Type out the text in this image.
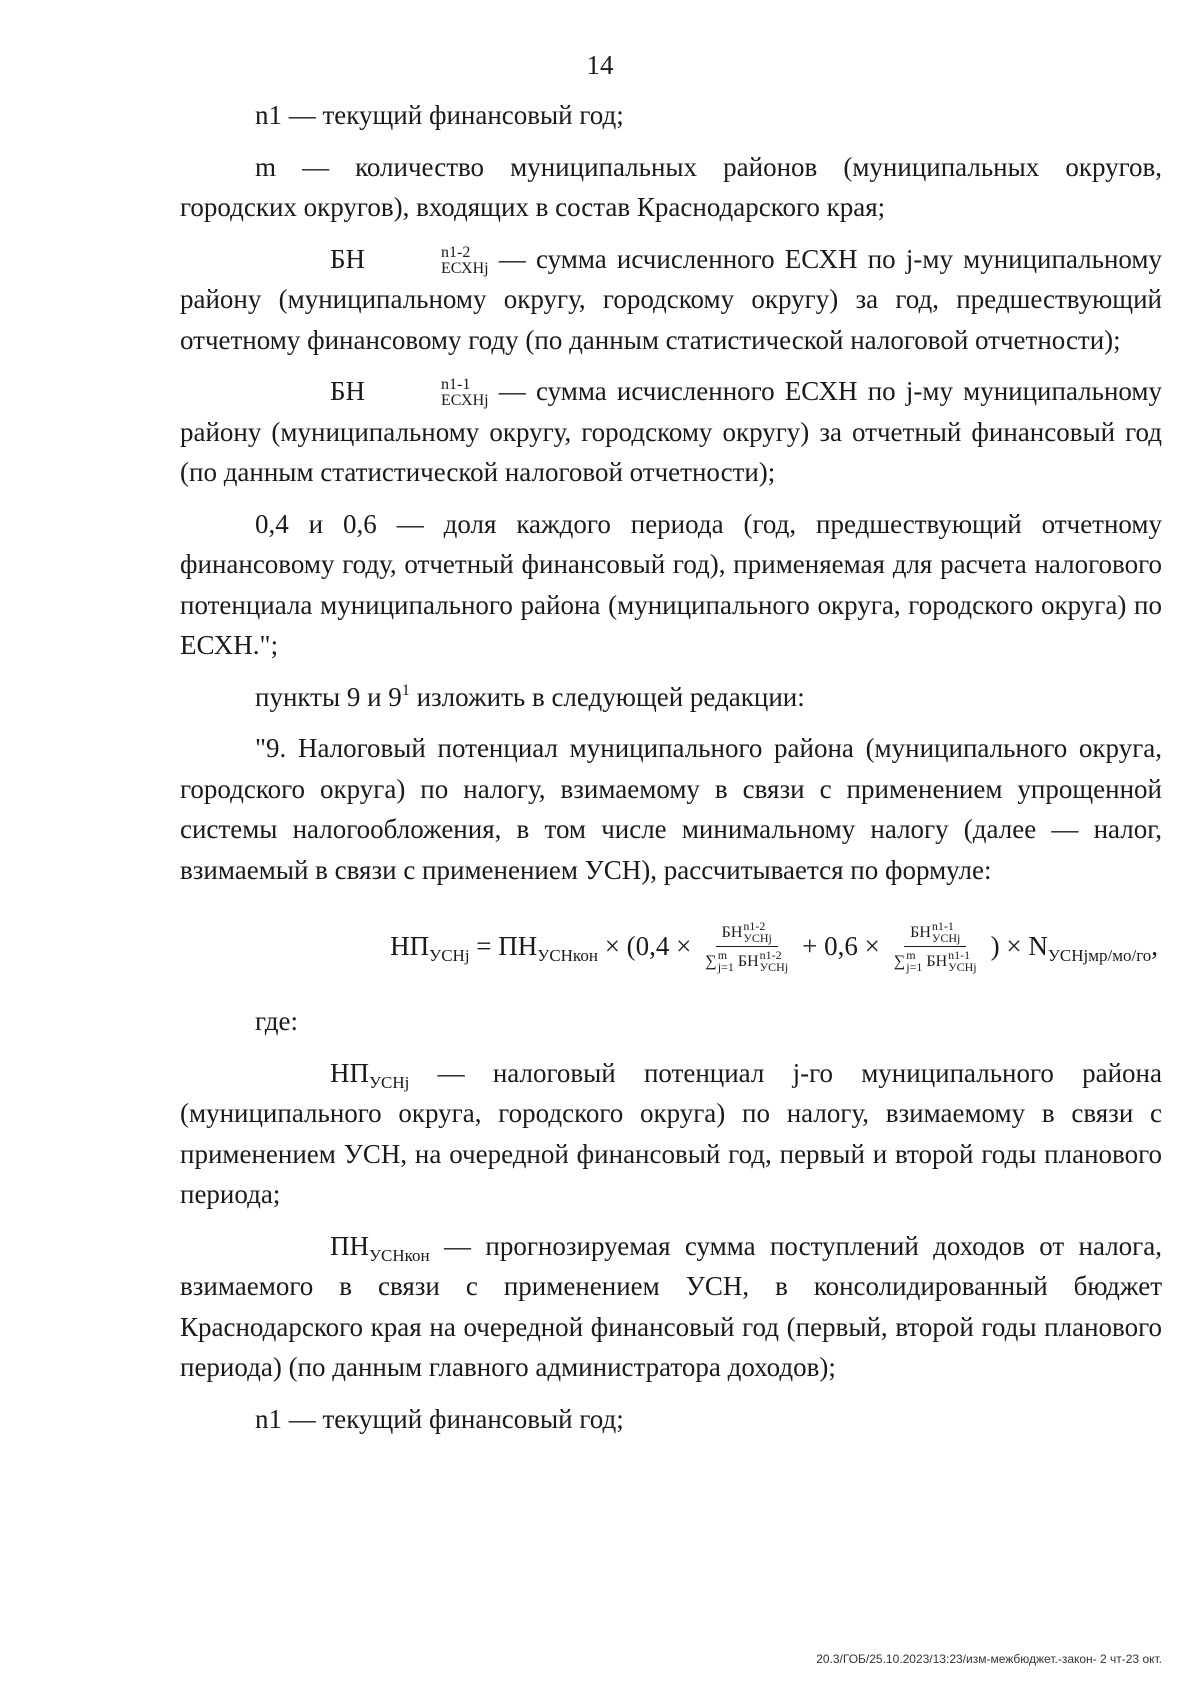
14

n1 — текущий финансовый год;

m — количество муниципальных районов (муниципальных округов, городских округов), входящих в состав Краснодарского края;

БН	n1-2
ЕСХНj — сумма исчисленного ЕСХН по j-му муниципальному району (муниципальному округу, городскому округу) за год, предшествующий отчетному финансовому году (по данным статистической налоговой отчетности);

БН	n1-1
ЕСХНj — сумма исчисленного ЕСХН по j-му муниципальному району (муниципальному округу, городскому округу) за отчетный финансовый год (по данным статистической налоговой отчетности);

0,4 и 0,6 — доля каждого периода (год, предшествующий отчетному финансовому году, отчетный финансовый год), применяемая для расчета налогового потенциала муниципального района (муниципального округа, городского округа) по ЕСХН.";

пункты 9 и $9^1$ изложить в следующей редакции:

"9. Налоговый потенциал муниципального района (муниципального округа, городского округа) по налогу, взимаемому в связи с применением упрощенной системы налогообложения, в том числе минимальному налогу (далее — налог, взимаемый в связи с применением УСН), рассчитывается по формуле:

$НП_{УСНj} = ПН_{УСНкон} \times (0,4$ × БН n1-2
УСНj
∑ m
j=1 БН n1-2
УСНj + 0,6 × БН n1-1
УСНj
∑ m
j=1 БН n1-1
УСНj ) × $N_{УСНjмр/мо/го}$,

где:

$НП_{УСНj}$ — налоговый потенциал j-го муниципального района (муниципального округа, городского округа) по налогу, взимаемому в связи с применением УСН, на очередной финансовый год, первый и второй годы планового периода;

$ПН_{УСНкон}$ — прогнозируемая сумма поступлений доходов от налога, взимаемого в связи с применением УСН, в консолидированный бюджет Краснодарского края на очередной финансовый год (первый, второй годы планового периода) (по данным главного администратора доходов);

n1 — текущий финансовый год;

20.3/ГОБ/25.10.2023/13:23/изм-межбюджет.-закон- 2 чт-23 окт.
